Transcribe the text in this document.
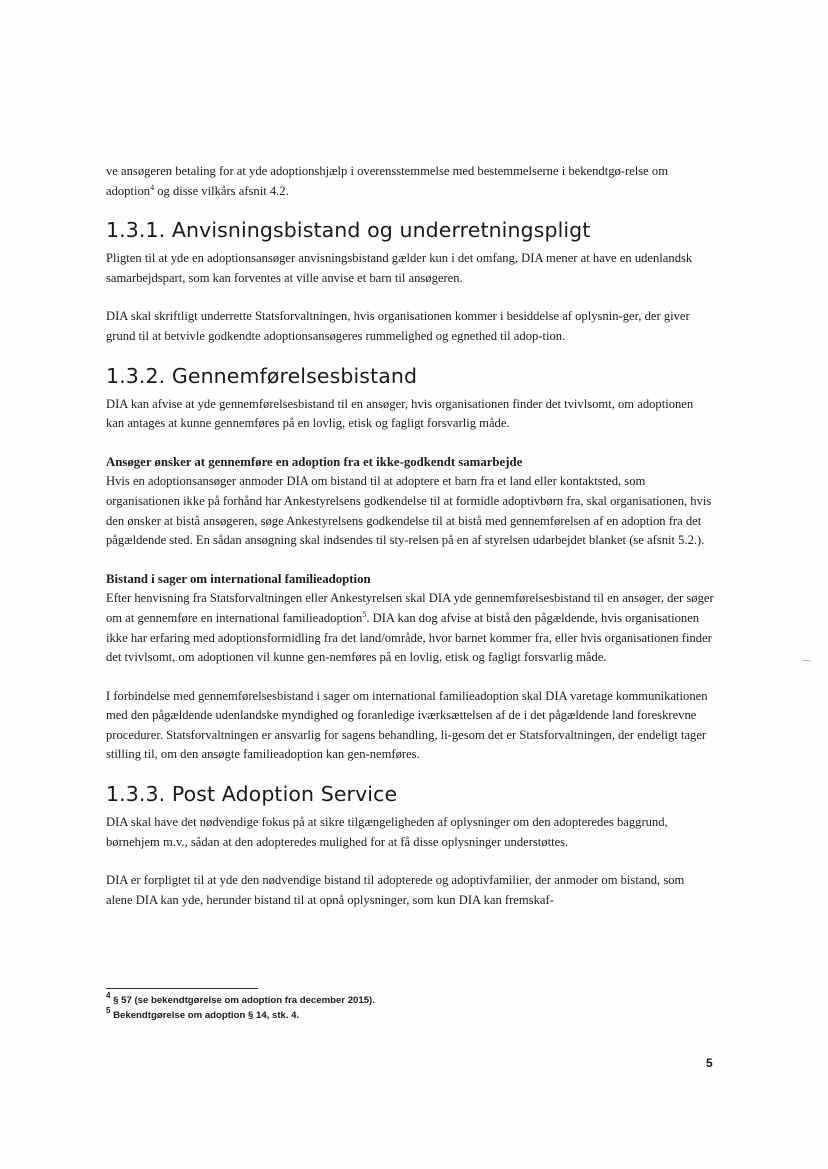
ve ansøgeren betaling for at yde adoptionshjælp i overensstemmelse med bestemmelserne i bekendtgø-relse om adoption$^4$ og disse vilkårs afsnit 4.2.

1.3.1. Anvisningsbistand og underretningspligt

Pligten til at yde en adoptionsansøger anvisningsbistand gælder kun i det omfang, DIA mener at have en udenlandsk samarbejdspart, som kan forventes at ville anvise et barn til ansøgeren.

DIA skal skriftligt underrette Statsforvaltningen, hvis organisationen kommer i besiddelse af oplysnin-ger, der giver grund til at betvivle godkendte adoptionsansøgeres rummelighed og egnethed til adop-tion.

1.3.2. Gennemførelsesbistand

DIA kan afvise at yde gennemførelsesbistand til en ansøger, hvis organisationen finder det tvivlsomt, om adoptionen kan antages at kunne gennemføres på en lovlig, etisk og fagligt forsvarlig måde.

Ansøger ønsker at gennemføre en adoption fra et ikke-godkendt samarbejde

Hvis en adoptionsansøger anmoder DIA om bistand til at adoptere et barn fra et land eller kontaktsted, som organisationen ikke på forhånd har Ankestyrelsens godkendelse til at formidle adoptivbørn fra, skal organisationen, hvis den ønsker at bistå ansøgeren, søge Ankestyrelsens godkendelse til at bistå med gennemførelsen af en adoption fra det pågældende sted. En sådan ansøgning skal indsendes til sty-relsen på en af styrelsen udarbejdet blanket (se afsnit 5.2.).

Bistand i sager om international familieadoption

Efter henvisning fra Statsforvaltningen eller Ankestyrelsen skal DIA yde gennemførelsesbistand til en ansøger, der søger om at gennemføre en international familieadoption$^5$. DIA kan dog afvise at bistå den pågældende, hvis organisationen ikke har erfaring med adoptionsformidling fra det land/område, hvor barnet kommer fra, eller hvis organisationen finder det tvivlsomt, om adoptionen vil kunne gen-nemføres på en lovlig, etisk og fagligt forsvarlig måde.

I forbindelse med gennemførelsesbistand i sager om international familieadoption skal DIA varetage kommunikationen med den pågældende udenlandske myndighed og foranledige iværksættelsen af de i det pågældende land foreskrevne procedurer. Statsforvaltningen er ansvarlig for sagens behandling, li-gesom det er Statsforvaltningen, der endeligt tager stilling til, om den ansøgte familieadoption kan gen-nemføres.

1.3.3. Post Adoption Service

DIA skal have det nødvendige fokus på at sikre tilgængeligheden af oplysninger om den adopteredes baggrund, børnehjem m.v., sådan at den adopteredes mulighed for at få disse oplysninger understøttes.

DIA er forpligtet til at yde den nødvendige bistand til adopterede og adoptivfamilier, der anmoder om bistand, som alene DIA kan yde, herunder bistand til at opnå oplysninger, som kun DIA kan fremskaf-

$^4$ § 57 (se bekendtgørelse om adoption fra december 2015).
$^5$ Bekendtgørelse om adoption § 14, stk. 4.
5
